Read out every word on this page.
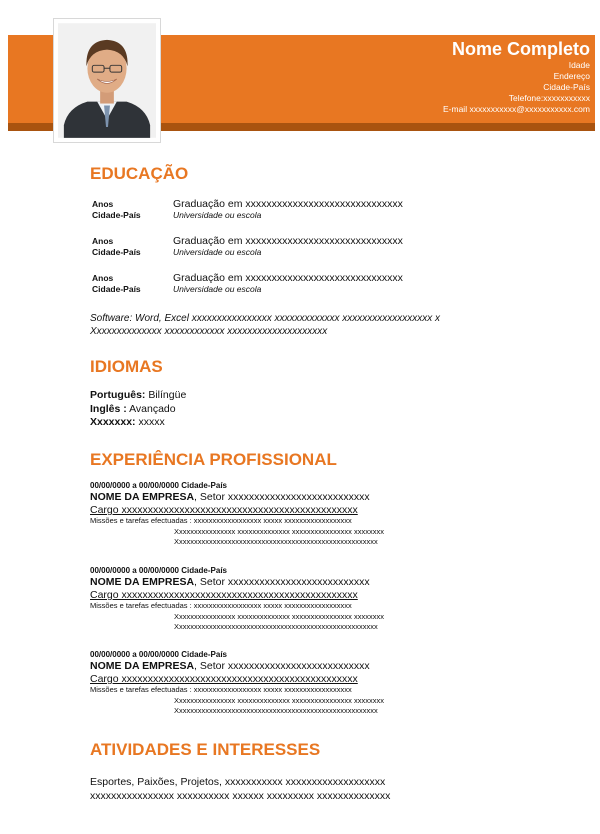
Nome Completo
Idade
Endereço
Cidade-País
Telefone:xxxxxxxxxxx
E-mail xxxxxxxxxxx@xxxxxxxxxxx.com
EDUCAÇÃO
Anos
Cidade-País
Graduação em xxxxxxxxxxxxxxxxxxxxxxxxxxxxxx
Universidade ou escola
Anos
Cidade-País
Graduação em xxxxxxxxxxxxxxxxxxxxxxxxxxxxxx
Universidade ou escola
Anos
Cidade-País
Graduação em xxxxxxxxxxxxxxxxxxxxxxxxxxxxxx
Universidade ou escola
Software: Word, Excel xxxxxxxxxxxxxxxx xxxxxxxxxxxxx xxxxxxxxxxxxxxxxxx x
Xxxxxxxxxxxxxx xxxxxxxxxxxx xxxxxxxxxxxxxxxxxxxx
IDIOMAS
Português: Bilíngüe
Inglês : Avançado
Xxxxxxx: xxxxx
EXPERIÊNCIA PROFISSIONAL
00/00/0000 a 00/00/0000 Cidade-País
NOME DA EMPRESA, Setor xxxxxxxxxxxxxxxxxxxxxxxxxxx
Cargo xxxxxxxxxxxxxxxxxxxxxxxxxxxxxxxxxxxxxxxxxxxxx
Missões e tarefas efectuadas : xxxxxxxxxxxxxxxxxx xxxxx xxxxxxxxxxxxxxxxxx
Xxxxxxxxxxxxxxxx xxxxxxxxxxxxxx xxxxxxxxxxxxxxxx xxxxxxxx
Xxxxxxxxxxxxxxxxxxxxxxxxxxxxxxxxxxxxxxxxxxxxxxxxxxxxxx
00/00/0000 a 00/00/0000 Cidade-País
NOME DA EMPRESA, Setor xxxxxxxxxxxxxxxxxxxxxxxxxxx
Cargo xxxxxxxxxxxxxxxxxxxxxxxxxxxxxxxxxxxxxxxxxxxxx
Missões e tarefas efectuadas : xxxxxxxxxxxxxxxxxx xxxxx xxxxxxxxxxxxxxxxxx
Xxxxxxxxxxxxxxxx xxxxxxxxxxxxxx xxxxxxxxxxxxxxxx xxxxxxxx
Xxxxxxxxxxxxxxxxxxxxxxxxxxxxxxxxxxxxxxxxxxxxxxxxxxxxxx
00/00/0000 a 00/00/0000 Cidade-País
NOME DA EMPRESA, Setor xxxxxxxxxxxxxxxxxxxxxxxxxxx
Cargo xxxxxxxxxxxxxxxxxxxxxxxxxxxxxxxxxxxxxxxxxxxxx
Missões e tarefas efectuadas : xxxxxxxxxxxxxxxxxx xxxxx xxxxxxxxxxxxxxxxxx
Xxxxxxxxxxxxxxxx xxxxxxxxxxxxxx xxxxxxxxxxxxxxxx xxxxxxxx
Xxxxxxxxxxxxxxxxxxxxxxxxxxxxxxxxxxxxxxxxxxxxxxxxxxxxxx
ATIVIDADES E INTERESSES
Esportes, Paixões, Projetos, xxxxxxxxxxx xxxxxxxxxxxxxxxxxxx
xxxxxxxxxxxxxxxx xxxxxxxxxx xxxxxx xxxxxxxxx xxxxxxxxxxxxxx
